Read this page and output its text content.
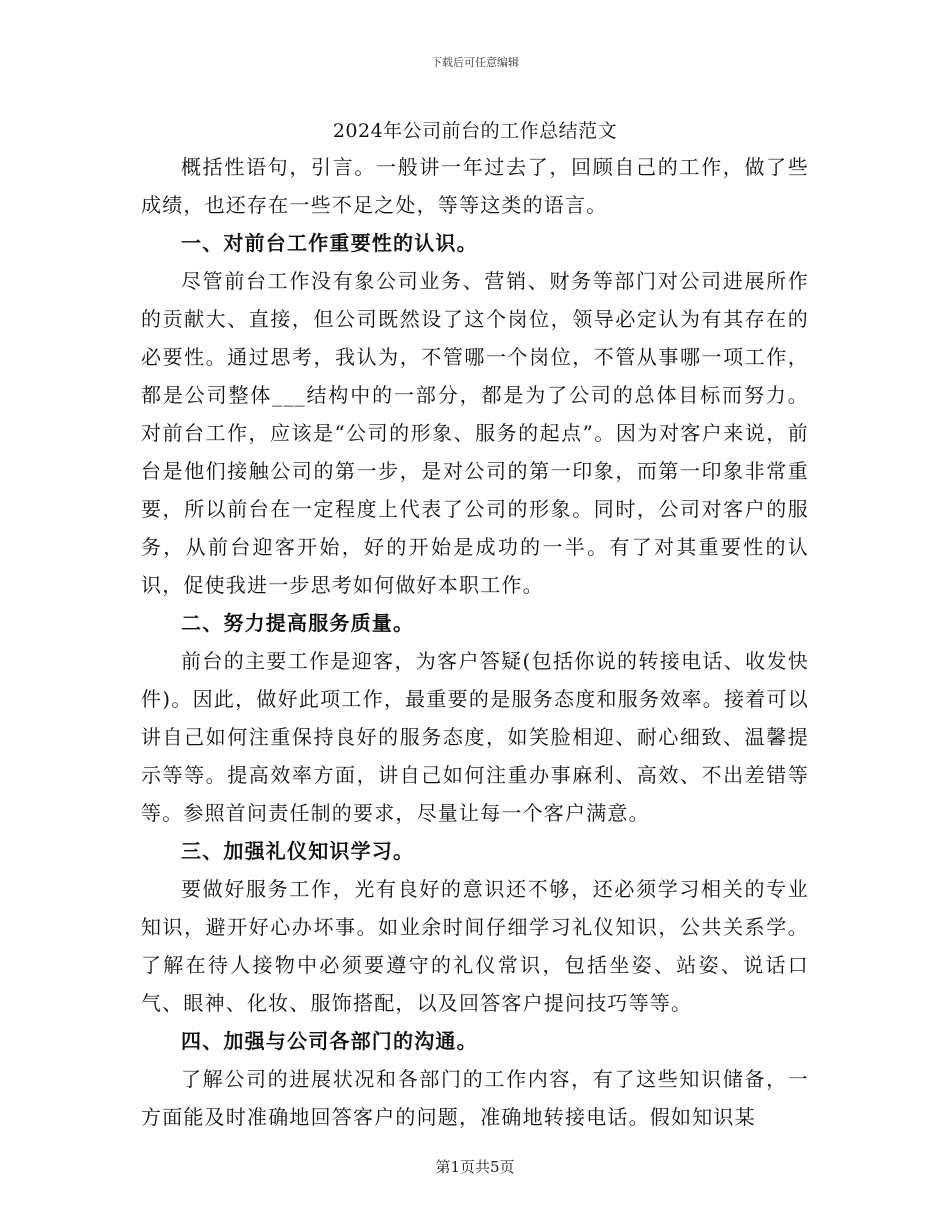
下载后可任意编辑
2024年公司前台的工作总结范文

概括性语句，引言。一般讲一年过去了，回顾自己的工作，做了些成绩，也还存在一些不足之处，等等这类的语言。

一、对前台工作重要性的认识。

尽管前台工作没有象公司业务、营销、财务等部门对公司进展所作的贡献大、直接，但公司既然设了这个岗位，领导必定认为有其存在的必要性。通过思考，我认为，不管哪一个岗位，不管从事哪一项工作，都是公司整体___结构中的一部分，都是为了公司的总体目标而努力。对前台工作，应该是“公司的形象、服务的起点”。因为对客户来说，前台是他们接触公司的第一步，是对公司的第一印象，而第一印象非常重要，所以前台在一定程度上代表了公司的形象。同时，公司对客户的服务，从前台迎客开始，好的开始是成功的一半。有了对其重要性的认识，促使我进一步思考如何做好本职工作。

二、努力提高服务质量。

前台的主要工作是迎客，为客户答疑(包括你说的转接电话、收发快件)。因此，做好此项工作，最重要的是服务态度和服务效率。接着可以讲自己如何注重保持良好的服务态度，如笑脸相迎、耐心细致、温馨提示等等。提高效率方面，讲自己如何注重办事麻利、高效、不出差错等等。参照首问责任制的要求，尽量让每一个客户满意。

三、加强礼仪知识学习。

要做好服务工作，光有良好的意识还不够，还必须学习相关的专业知识，避开好心办坏事。如业余时间仔细学习礼仪知识，公共关系学。了解在待人接物中必须要遵守的礼仪常识，包括坐姿、站姿、说话口气、眼神、化妆、服饰搭配，以及回答客户提问技巧等等。

四、加强与公司各部门的沟通。

了解公司的进展状况和各部门的工作内容，有了这些知识储备，一方面能及时准确地回答客户的问题，准确地转接电话。假如知识某

第1页共5页
